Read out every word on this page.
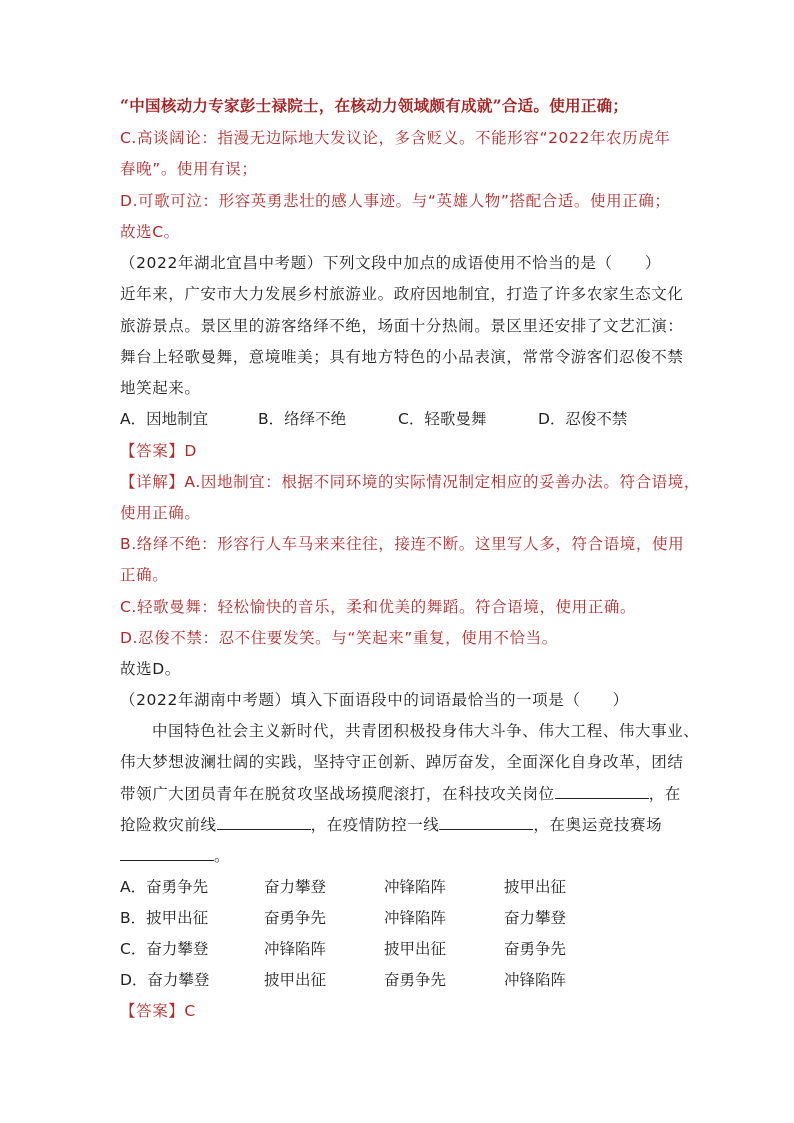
“中国核动力专家彭士禄院士，在核动力领域颇有成就”合适。使用正确；
C.高谈阔论：指漫无边际地大发议论，多含贬义。不能形容“2022年农历虎年
春晚”。使用有误；
D.可歌可泣：形容英勇悲壮的感人事迹。与“英雄人物”搭配合适。使用正确；
故选C。
（2022年湖北宜昌中考题）下列文段中加点的成语使用不恰当的是（　　）
近年来，广安市大力发展乡村旅游业。政府因地制宜，打造了许多农家生态文化
旅游景点。景区里的游客络绎不绝，场面十分热闹。景区里还安排了文艺汇演：
舞台上轻歌曼舞，意境唯美；具有地方特色的小品表演，常常令游客们忍俊不禁
地笑起来。
A．因地制宜	B．络绎不绝	C．轻歌曼舞	D．忍俊不禁
【答案】D
【详解】A.因地制宜：根据不同环境的实际情况制定相应的妥善办法。符合语境，
使用正确。
B.络绎不绝：形容行人车马来来往往，接连不断。这里写人多，符合语境，使用
正确。
C.轻歌曼舞：轻松愉快的音乐，柔和优美的舞蹈。符合语境，使用正确。
D.忍俊不禁：忍不住要发笑。与“笑起来”重复，使用不恰当。
故选D。
（2022年湖南中考题）填入下面语段中的词语最恰当的一项是（　　）
中国特色社会主义新时代，共青团积极投身伟大斗争、伟大工程、伟大事业、
伟大梦想波澜壮阔的实践，坚持守正创新、踔厉奋发，全面深化自身改革，团结
带领广大团员青年在脱贫攻坚战场摸爬滚打，在科技攻关岗位	，在
抢险救灾前线	，在疫情防控一线	，在奥运竞技赛场
。
A．奋勇争先	奋力攀登	冲锋陷阵	披甲出征
B．披甲出征	奋勇争先	冲锋陷阵	奋力攀登
C．奋力攀登	冲锋陷阵	披甲出征	奋勇争先
D．奋力攀登	披甲出征	奋勇争先	冲锋陷阵
【答案】C
